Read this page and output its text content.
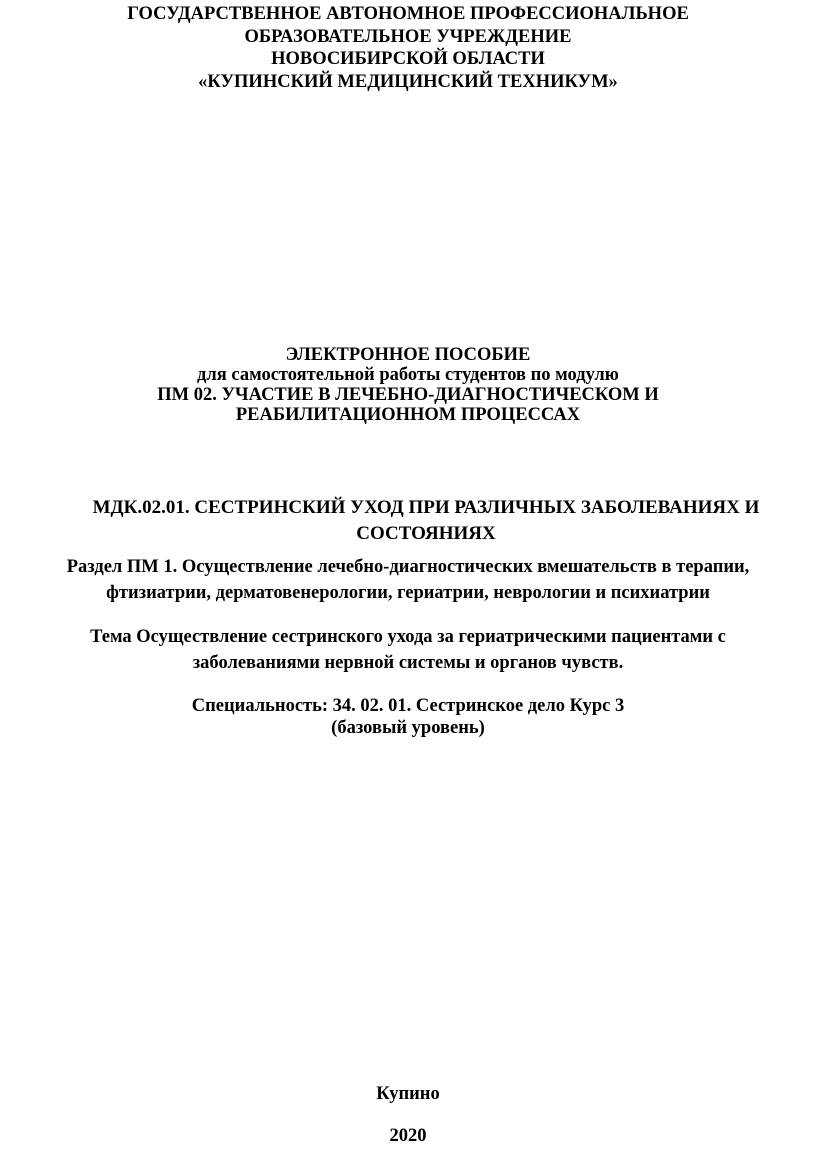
ГОСУДАРСТВЕННОЕ АВТОНОМНОЕ ПРОФЕССИОНАЛЬНОЕ
ОБРАЗОВАТЕЛЬНОЕ УЧРЕЖДЕНИЕ
НОВОСИБИРСКОЙ ОБЛАСТИ
«КУПИНСКИЙ МЕДИЦИНСКИЙ ТЕХНИКУМ»
ЭЛЕКТРОННОЕ ПОСОБИЕ
для самостоятельной работы студентов по модулю
ПМ 02. УЧАСТИЕ В ЛЕЧЕБНО-ДИАГНОСТИЧЕСКОМ И
РЕАБИЛИТАЦИОННОМ ПРОЦЕССАХ
МДК.02.01. СЕСТРИНСКИЙ УХОД ПРИ РАЗЛИЧНЫХ ЗАБОЛЕВАНИЯХ И
СОСТОЯНИЯХ
Раздел ПМ 1. Осуществление лечебно-диагностических вмешательств в терапии,
фтизиатрии, дерматовенерологии, гериатрии, неврологии и психиатрии
Тема Осуществление сестринского ухода за гериатрическими пациентами с
заболеваниями нервной системы и органов чувств.
Специальность: 34. 02. 01. Сестринское дело Курс 3
(базовый уровень)
Купино
2020
